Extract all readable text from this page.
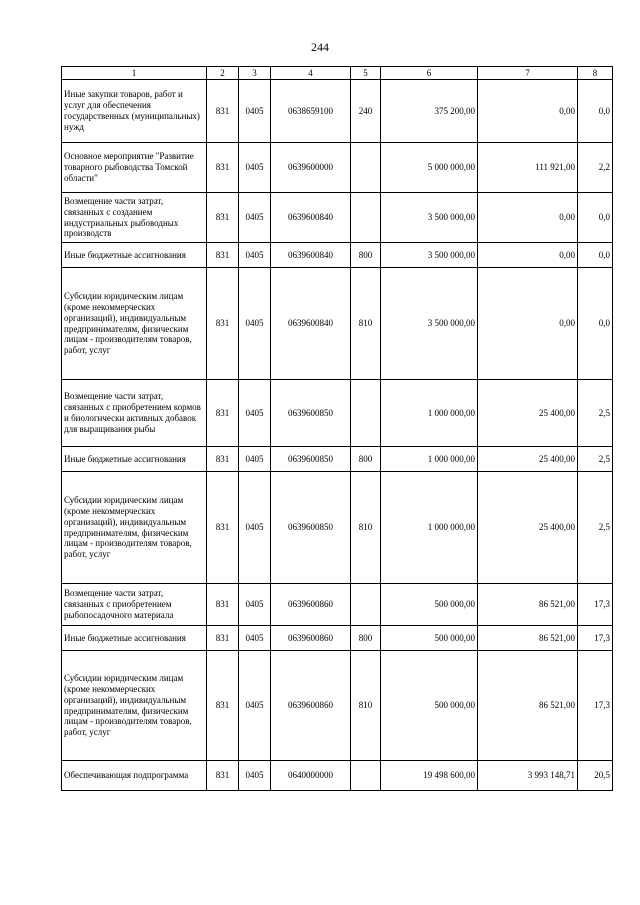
244
1	2	3	4	5	6	7	8
Иные закупки товаров, работ и услуг для обеспечения государственных (муниципальных) нужд	831	0405	0638659100	240	375 200,00	0,00	0,0
Основное мероприятие "Развитие товарного рыбоводства Томской области"	831	0405	0639600000		5 000 000,00	111 921,00	2,2
Возмещение части затрат, связанных с созданием индустриальных рыбоводных производств	831	0405	0639600840		3 500 000,00	0,00	0,0
Иные бюджетные ассигнования	831	0405	0639600840	800	3 500 000,00	0,00	0,0
Субсидии юридическим лицам (кроме некоммерческих организаций), индивидуальным предпринимателям, физическим лицам - производителям товаров, работ, услуг	831	0405	0639600840	810	3 500 000,00	0,00	0,0
Возмещение части затрат, связанных с приобретением кормов и биологически активных добавок для выращивания рыбы	831	0405	0639600850		1 000 000,00	25 400,00	2,5
Иные бюджетные ассигнования	831	0405	0639600850	800	1 000 000,00	25 400,00	2,5
Субсидии юридическим лицам (кроме некоммерческих организаций), индивидуальным предпринимателям, физическим лицам - производителям товаров, работ, услуг	831	0405	0639600850	810	1 000 000,00	25 400,00	2,5
Возмещение части затрат, связанных с приобретением рыбопосадочного материала	831	0405	0639600860		500 000,00	86 521,00	17,3
Иные бюджетные ассигнования	831	0405	0639600860	800	500 000,00	86 521,00	17,3
Субсидии юридическим лицам (кроме некоммерческих организаций), индивидуальным предпринимателям, физическим лицам - производителям товаров, работ, услуг	831	0405	0639600860	810	500 000,00	86 521,00	17,3
Обеспечивающая подпрограмма	831	0405	0640000000		19 498 600,00	3 993 148,71	20,5
